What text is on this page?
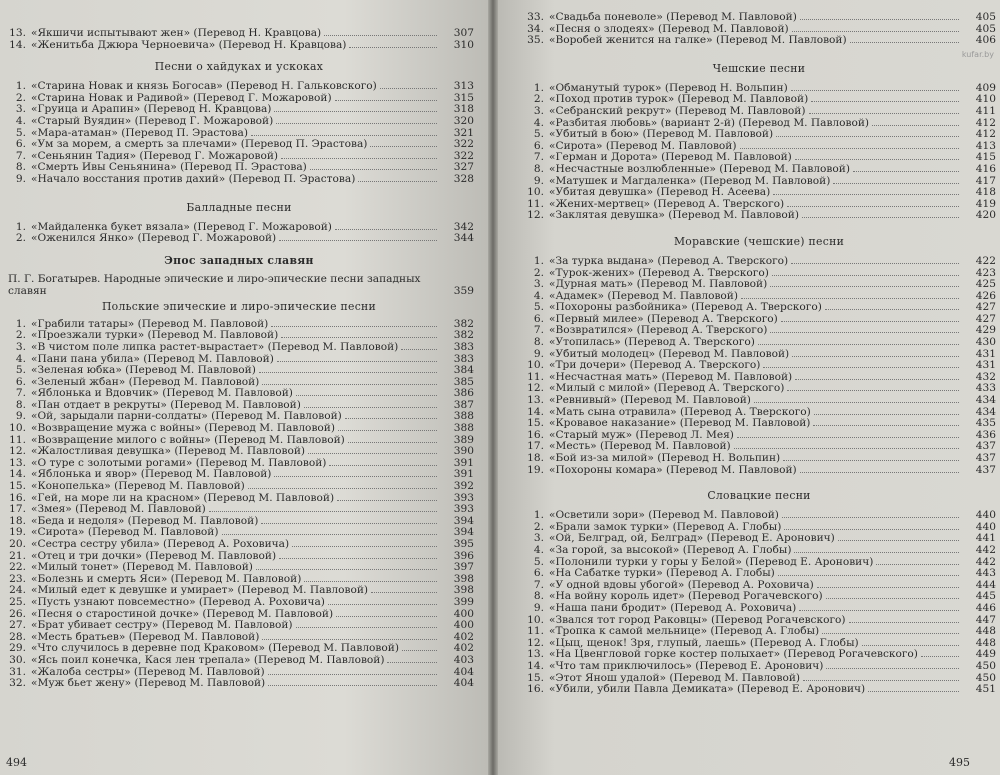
13. «Якшичи испытывают жен» (Перевод Н. Кравцова)	307
14. «Женитьба Джюра Черноевича» (Перевод Н. Кравцова)	310
Песни о хайдуках и ускоках
1. «Старина Новак и князь Богосав» (Перевод Н. Гальковского)	313
2. «Старина Новак и Радивой» (Перевод Г. Можаровой)	315
3. «Груица и Арапин» (Перевод Н. Кравцова)	318
4. «Старый Вуядин» (Перевод Г. Можаровой)	320
5. «Мара-атаман» (Перевод П. Эрастова)	321
6. «Ум за морем, а смерть за плечами» (Перевод П. Эрастова)	322
7. «Сеньянин Тадия» (Перевод Г. Можаровой)	322
8. «Смерть Ивы Сеньянина» (Перевод П. Эрастова)	327
9. «Начало восстания против дахий» (Перевод П. Эрастова)	328
Балладные песни
1. «Майдаленка букет вязала» (Перевод Г. Можаровой)	342
2. «Оженился Янко» (Перевод Г. Можаровой)	344
Эпос западных славян
П. Г. Богатырев. Народные эпические и лиро-эпические песни западных славян	359
Польские эпические и лиро-эпические песни
1. «Грабили татары» (Перевод М. Павловой)	382
2. «Проезжали турки» (Перевод М. Павловой)	382
3. «В чистом поле липка растет-вырастает» (Перевод М. Павловой)	383
4. «Пани пана убила» (Перевод М. Павловой)	383
5. «Зеленая юбка» (Перевод М. Павловой)	384
6. «Зеленый жбан» (Перевод М. Павловой)	385
7. «Яблонька и Вдовчик» (Перевод М. Павловой)	386
8. «Пан отдает в рекруты» (Перевод М. Павловой)	387
9. «Ой, зарыдали парни-солдаты» (Перевод М. Павловой)	388
10. «Возвращение мужа с войны» (Перевод М. Павловой)	388
11. «Возвращение милого с войны» (Перевод М. Павловой)	389
12. «Жалостливая девушка» (Перевод М. Павловой)	390
13. «О туре с золотыми рогами» (Перевод М. Павловой)	391
14. «Яблонька и явор» (Перевод М. Павловой)	391
15. «Конопелька» (Перевод М. Павловой)	392
16. «Гей, на море ли на красном» (Перевод М. Павловой)	393
17. «Змея» (Перевод М. Павловой)	393
18. «Беда и недоля» (Перевод М. Павловой)	394
19. «Сирота» (Перевод М. Павловой)	394
20. «Сестра сестру убила» (Перевод А. Роховича)	395
21. «Отец и три дочки» (Перевод М. Павловой)	396
22. «Милый тонет» (Перевод М. Павловой)	397
23. «Болезнь и смерть Яси» (Перевод М. Павловой)	398
24. «Милый едет к девушке и умирает» (Перевод М. Павловой)	398
25. «Пусть узнают повсеместно» (Перевод А. Роховича)	399
26. «Песня о старостиной дочке» (Перевод М. Павловой)	400
27. «Брат убивает сестру» (Перевод М. Павловой)	400
28. «Месть братьев» (Перевод М. Павловой)	402
29. «Что случилось в деревне под Краковом» (Перевод М. Павловой)	402
30. «Ясь поил конечка, Кася лен трепала» (Перевод М. Павловой)	403
31. «Жалоба сестры» (Перевод М. Павловой)	404
32. «Муж бьет жену» (Перевод М. Павловой)	404
494
33. «Свадьба поневоле» (Перевод М. Павловой)	405
34. «Песня о злодеях» (Перевод М. Павловой)	405
35. «Воробей женится на галке» (Перевод М. Павловой)	406
Чешские песни
1. «Обманутый турок» (Перевод Н. Вольпин)	409
2. «Поход против турок» (Перевод М. Павловой)	410
3. «Себранский рекрут» (Перевод М. Павловой)	411
4. «Разбитая любовь» (вариант 2-й) (Перевод М. Павловой)	412
5. «Убитый в бою» (Перевод М. Павловой)	412
6. «Сирота» (Перевод М. Павловой)	413
7. «Герман и Дорота» (Перевод М. Павловой)	415
8. «Несчастные возлюбленные» (Перевод М. Павловой)	416
9. «Матушек и Магдаленка» (Перевод М. Павловой)	417
10. «Убитая девушка» (Перевод Н. Асеева)	418
11. «Жених-мертвец» (Перевод А. Тверского)	419
12. «Заклятая девушка» (Перевод М. Павловой)	420
Моравские (чешские) песни
1. «За турка выдана» (Перевод А. Тверского)	422
2. «Турок-жених» (Перевод А. Тверского)	423
3. «Дурная мать» (Перевод М. Павловой)	425
4. «Адамек» (Перевод М. Павловой)	426
5. «Похороны разбойника» (Перевод А. Тверского)	427
6. «Первый милее» (Перевод А. Тверского)	427
7. «Возвратился» (Перевод А. Тверского)	429
8. «Утопилась» (Перевод А. Тверского)	430
9. «Убитый молодец» (Перевод М. Павловой)	431
10. «Три дочери» (Перевод А. Тверского)	431
11. «Несчастная мать» (Перевод М. Павловой)	432
12. «Милый с милой» (Перевод А. Тверского)	433
13. «Ревнивый» (Перевод М. Павловой)	434
14. «Мать сына отравила» (Перевод А. Тверского)	434
15. «Кровавое наказание» (Перевод М. Павловой)	435
16. «Старый муж» (Перевод Л. Мея)	436
17. «Месть» (Перевод М. Павловой)	437
18. «Бой из-за милой» (Перевод Н. Вольпин)	437
19. «Похороны комара» (Перевод М. Павловой)	437
Словацкие песни
1. «Осветили зори» (Перевод М. Павловой)	440
2. «Брали замок турки» (Перевод А. Глобы)	440
3. «Ой, Белград, ой, Белград» (Перевод Е. Аронович)	441
4. «За горой, за высокой» (Перевод А. Глобы)	442
5. «Полонили турки у горы у Белой» (Перевод Е. Аронович)	442
6. «На Сабатке турки» (Перевод А. Глобы)	443
7. «У одной вдовы убогой» (Перевод А. Роховича)	444
8. «На войну король идет» (Перевод Рогачевского)	445
9. «Наша пани бродит» (Перевод А. Роховича)	446
10. «Звался тот город Раковцы» (Перевод Рогачевского)	447
11. «Тропка к самой мельнице» (Перевод А. Глобы)	448
12. «Цыц, щенок! Зря, глупый, лаешь» (Перевод А. Глобы)	448
13. «На Цвенгловой горке костер полыхает» (Перевод Рогачевского)	449
14. «Что там приключилось» (Перевод Е. Аронович)	450
15. «Этот Янош удалой» (Перевод М. Павловой)	450
16. «Убили, убили Павла Демиката» (Перевод Е. Аронович)	451
495
kufar.by
